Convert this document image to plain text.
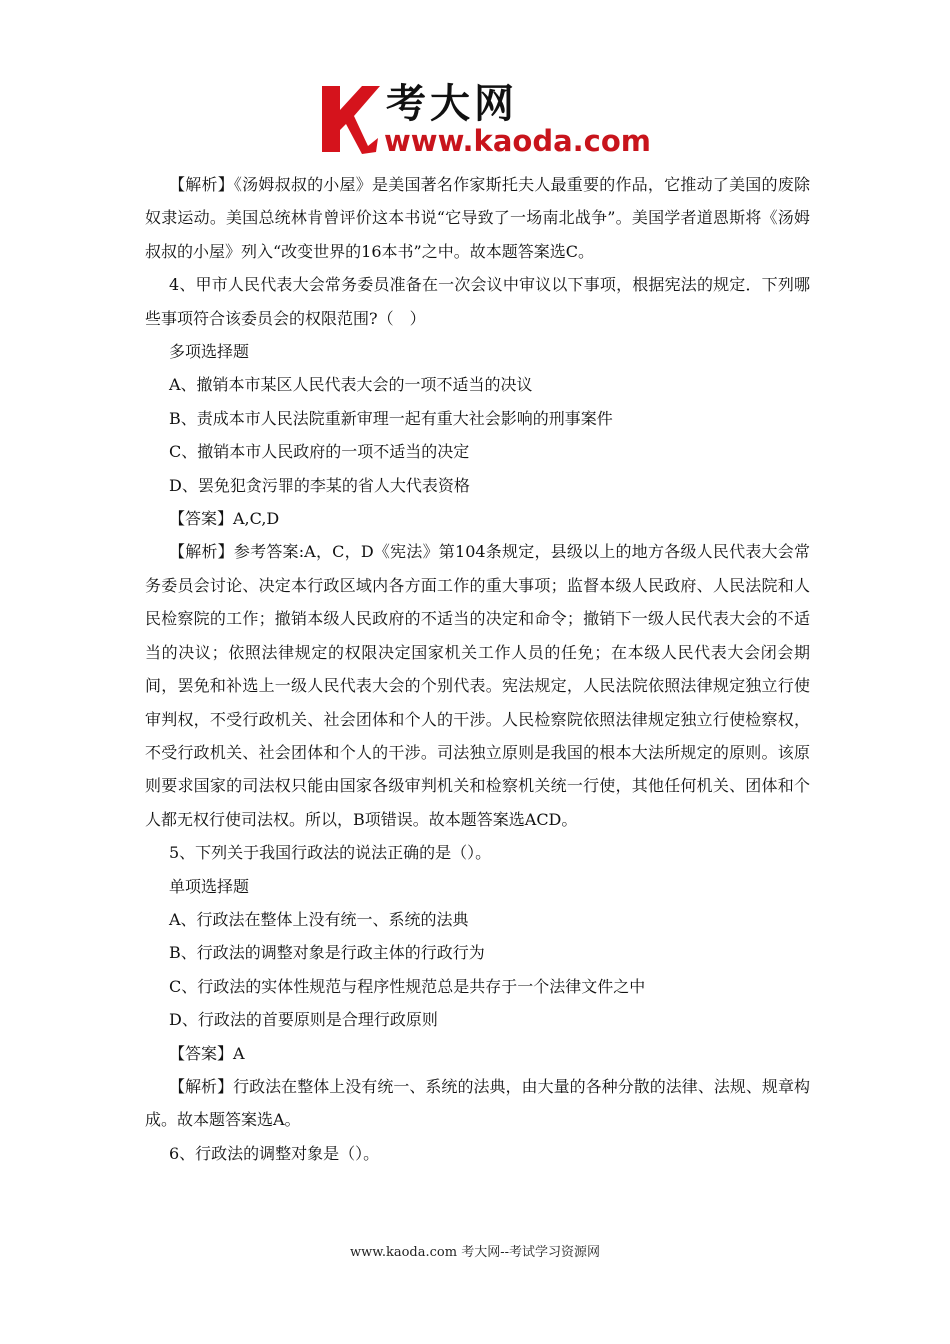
考大网
www.kaoda.com

【解析】《汤姆叔叔的小屋》是美国著名作家斯托夫人最重要的作品，它推动了美国的废除奴隶运动。美国总统林肯曾评价这本书说“它导致了一场南北战争”。美国学者道恩斯将《汤姆叔叔的小屋》列入“改变世界的16本书”之中。故本题答案选C。

4、甲市人民代表大会常务委员准备在一次会议中审议以下事项，根据宪法的规定．下列哪些事项符合该委员会的权限范围?（　）

多项选择题

A、撤销本市某区人民代表大会的一项不适当的决议

B、责成本市人民法院重新审理一起有重大社会影响的刑事案件

C、撤销本市人民政府的一项不适当的决定

D、罢免犯贪污罪的李某的省人大代表资格

【答案】A,C,D

【解析】参考答案:A，C，D《宪法》第104条规定，县级以上的地方各级人民代表大会常务委员会讨论、决定本行政区域内各方面工作的重大事项；监督本级人民政府、人民法院和人民检察院的工作；撤销本级人民政府的不适当的决定和命令；撤销下一级人民代表大会的不适当的决议；依照法律规定的权限决定国家机关工作人员的任免；在本级人民代表大会闭会期间，罢免和补选上一级人民代表大会的个别代表。宪法规定，人民法院依照法律规定独立行使审判权，不受行政机关、社会团体和个人的干涉。人民检察院依照法律规定独立行使检察权，不受行政机关、社会团体和个人的干涉。司法独立原则是我国的根本大法所规定的原则。该原则要求国家的司法权只能由国家各级审判机关和检察机关统一行使，其他任何机关、团体和个人都无权行使司法权。所以，B项错误。故本题答案选ACD。

5、下列关于我国行政法的说法正确的是（）。

单项选择题

A、行政法在整体上没有统一、系统的法典

B、行政法的调整对象是行政主体的行政行为

C、行政法的实体性规范与程序性规范总是共存于一个法律文件之中

D、行政法的首要原则是合理行政原则

【答案】A

【解析】行政法在整体上没有统一、系统的法典，由大量的各种分散的法律、法规、规章构成。故本题答案选A。

6、行政法的调整对象是（）。

www.kaoda.com 考大网--考试学习资源网
